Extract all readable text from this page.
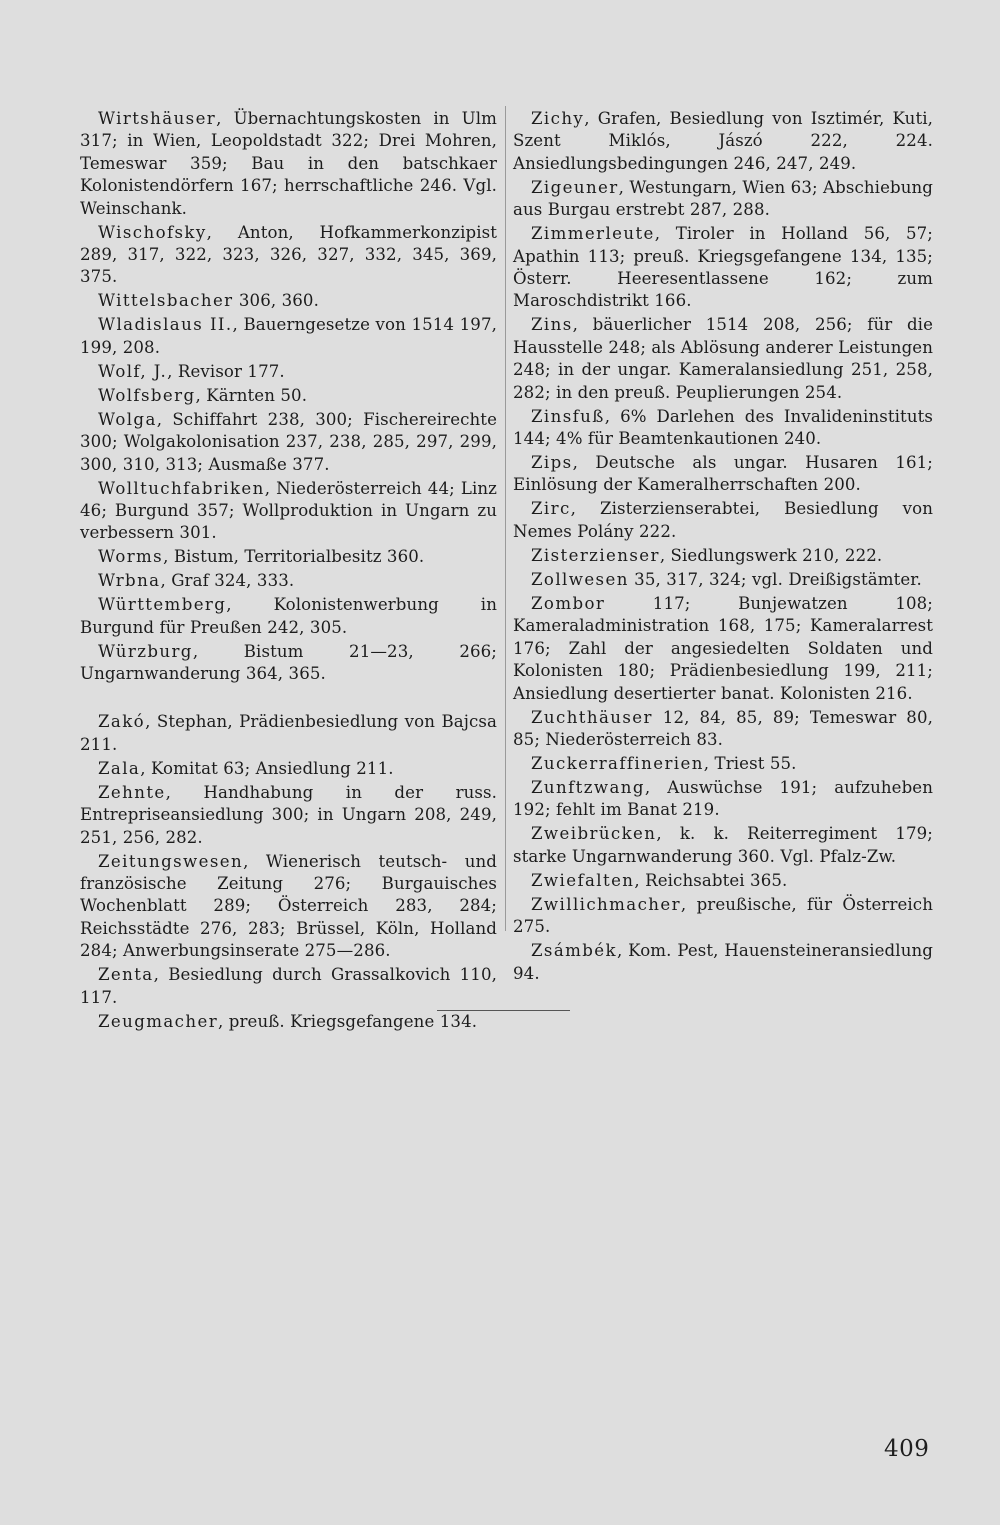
Wirtshäuser, Übernachtungskosten in Ulm 317; in Wien, Leopoldstadt 322; Drei Mohren, Temeswar 359; Bau in den batschkaer Kolonistendörfern 167; herrschaftliche 246. Vgl. Weinschank.
Wischofsky, Anton, Hofkammerkonzipist 289, 317, 322, 323, 326, 327, 332, 345, 369, 375.
Wittelsbacher 306, 360.
Wladislaus II., Bauerngesetze von 1514 197, 199, 208.
Wolf, J., Revisor 177.
Wolfsberg, Kärnten 50.
Wolga, Schiffahrt 238, 300; Fischereirechte 300; Wolgakolonisation 237, 238, 285, 297, 299, 300, 310, 313; Ausmaße 377.
Wolltuchfabriken, Niederösterreich 44; Linz 46; Burgund 357; Wollproduktion in Ungarn zu verbessern 301.
Worms, Bistum, Territorialbesitz 360.
Wrbna, Graf 324, 333.
Württemberg, Kolonistenwerbung in Burgund für Preußen 242, 305.
Würzburg, Bistum 21—23, 266; Ungarnwanderung 364, 365.
Zakó, Stephan, Prädienbesiedlung von Bajcsa 211.
Zala, Komitat 63; Ansiedlung 211.
Zehnte, Handhabung in der russ. Entrepriseansiedlung 300; in Ungarn 208, 249, 251, 256, 282.
Zeitungswesen, Wienerisch teutsch- und französische Zeitung 276; Burgauisches Wochenblatt 289; Österreich 283, 284; Reichsstädte 276, 283; Brüssel, Köln, Holland 284; Anwerbungsinserate 275—286.
Zenta, Besiedlung durch Grassalkovich 110, 117.
Zeugmacher, preuß. Kriegsgefangene 134.
Zichy, Grafen, Besiedlung von Isztimér, Kuti, Szent Miklós, Jászó 222, 224. Ansiedlungsbedingungen 246, 247, 249.
Zigeuner, Westungarn, Wien 63; Abschiebung aus Burgau erstrebt 287, 288.
Zimmerleute, Tiroler in Holland 56, 57; Apathin 113; preuß. Kriegsgefangene 134, 135; Österr. Heeresentlassene 162; zum Maroschdistrikt 166.
Zins, bäuerlicher 1514 208, 256; für die Hausstelle 248; als Ablösung anderer Leistungen 248; in der ungar. Kameralansiedlung 251, 258, 282; in den preuß. Peuplierungen 254.
Zinsfuß, 6% Darlehen des Invalideninstituts 144; 4% für Beamtenkautionen 240.
Zips, Deutsche als ungar. Husaren 161; Einlösung der Kameralherrschaften 200.
Zirc, Zisterzienserabtei, Besiedlung von Nemes Polány 222.
Zisterzienser, Siedlungswerk 210, 222.
Zollwesen 35, 317, 324; vgl. Dreißigstämter.
Zombor 117; Bunjewatzen 108; Kameraladministration 168, 175; Kameralarrest 176; Zahl der angesiedelten Soldaten und Kolonisten 180; Prädienbesiedlung 199, 211; Ansiedlung desertierter banat. Kolonisten 216.
Zuchthäuser 12, 84, 85, 89; Temeswar 80, 85; Niederösterreich 83.
Zuckerraffinerien, Triest 55.
Zunftzwang, Auswüchse 191; aufzuheben 192; fehlt im Banat 219.
Zweibrücken, k. k. Reiterregiment 179; starke Ungarnwanderung 360. Vgl. Pfalz-Zw.
Zwiefalten, Reichsabtei 365.
Zwillichmacher, preußische, für Österreich 275.
Zsámbék, Kom. Pest, Hauensteineransiedlung 94.
409
